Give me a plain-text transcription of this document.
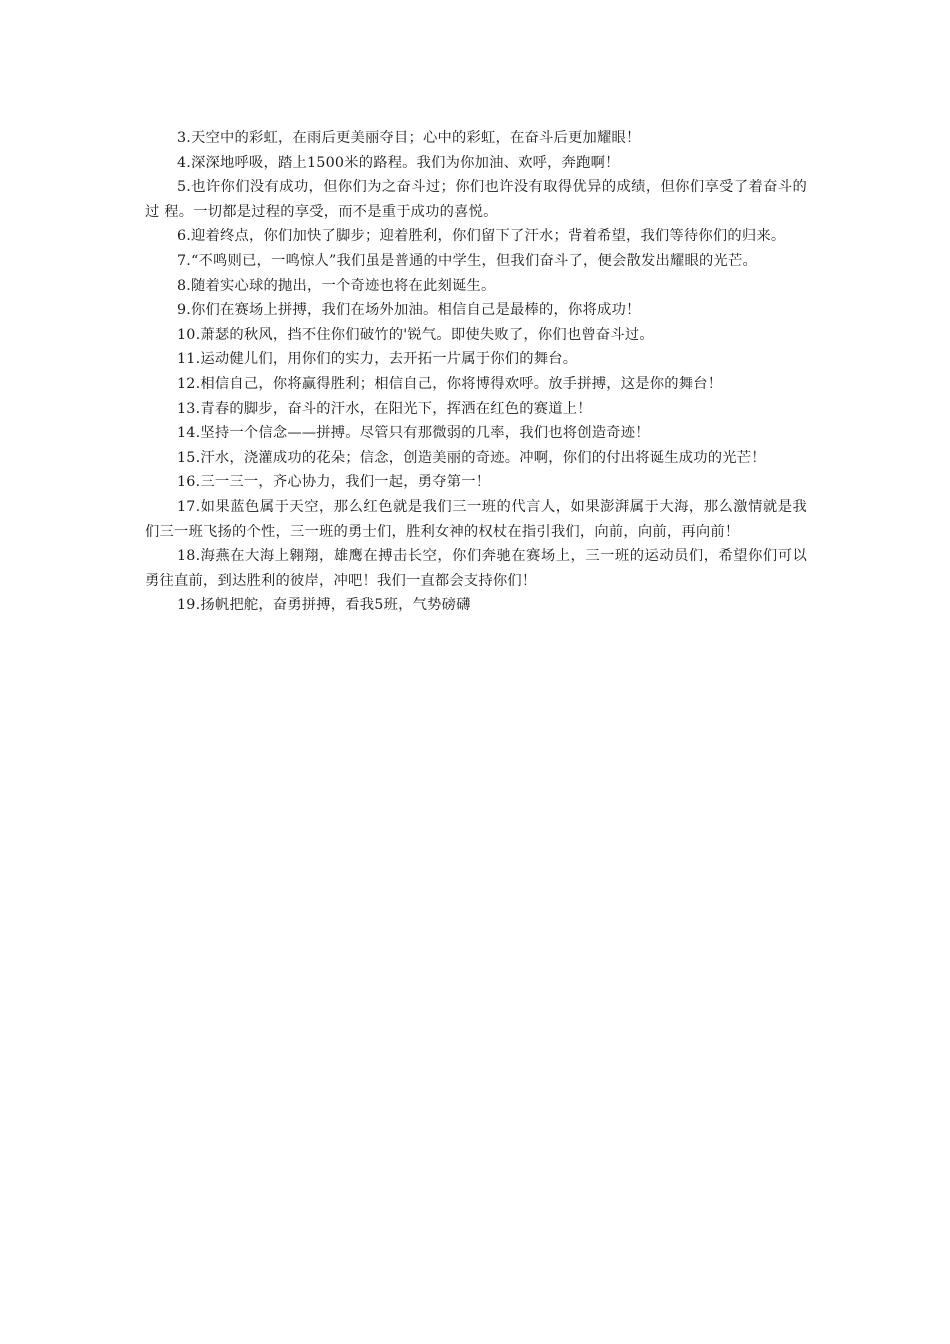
3.天空中的彩虹，在雨后更美丽夺目；心中的彩虹，在奋斗后更加耀眼！

4.深深地呼吸，踏上1500米的路程。我们为你加油、欢呼，奔跑啊！

5.也许你们没有成功，但你们为之奋斗过；你们也许没有取得优异的成绩，但你们享受了着奋斗的过 程。一切都是过程的享受，而不是重于成功的喜悦。

6.迎着终点，你们加快了脚步；迎着胜利，你们留下了汗水；背着希望，我们等待你们的归来。

7.“不鸣则已，一鸣惊人”我们虽是普通的中学生，但我们奋斗了，便会散发出耀眼的光芒。

8.随着实心球的抛出，一个奇迹也将在此刻诞生。

9.你们在赛场上拼搏，我们在场外加油。相信自己是最棒的，你将成功！

10.萧瑟的秋风，挡不住你们破竹的'锐气。即使失败了，你们也曾奋斗过。

11.运动健儿们，用你们的实力，去开拓一片属于你们的舞台。

12.相信自己，你将赢得胜利；相信自己，你将博得欢呼。放手拼搏，这是你的舞台！

13.青春的脚步，奋斗的汗水，在阳光下，挥洒在红色的赛道上！

14.坚持一个信念——拼搏。尽管只有那微弱的几率，我们也将创造奇迹！

15.汗水，浇灌成功的花朵；信念，创造美丽的奇迹。冲啊，你们的付出将诞生成功的光芒！

16.三一三一，齐心协力，我们一起，勇夺第一！

17.如果蓝色属于天空，那么红色就是我们三一班的代言人，如果澎湃属于大海，那么激情就是我们三一班飞扬的个性，三一班的勇士们，胜利女神的权杖在指引我们，向前，向前，再向前！

18.海燕在大海上翱翔，雄鹰在搏击长空，你们奔驰在赛场上，三一班的运动员们，希望你们可以勇往直前，到达胜利的彼岸，冲吧！我们一直都会支持你们！

19.扬帆把舵，奋勇拼搏，看我5班，气势磅礴
